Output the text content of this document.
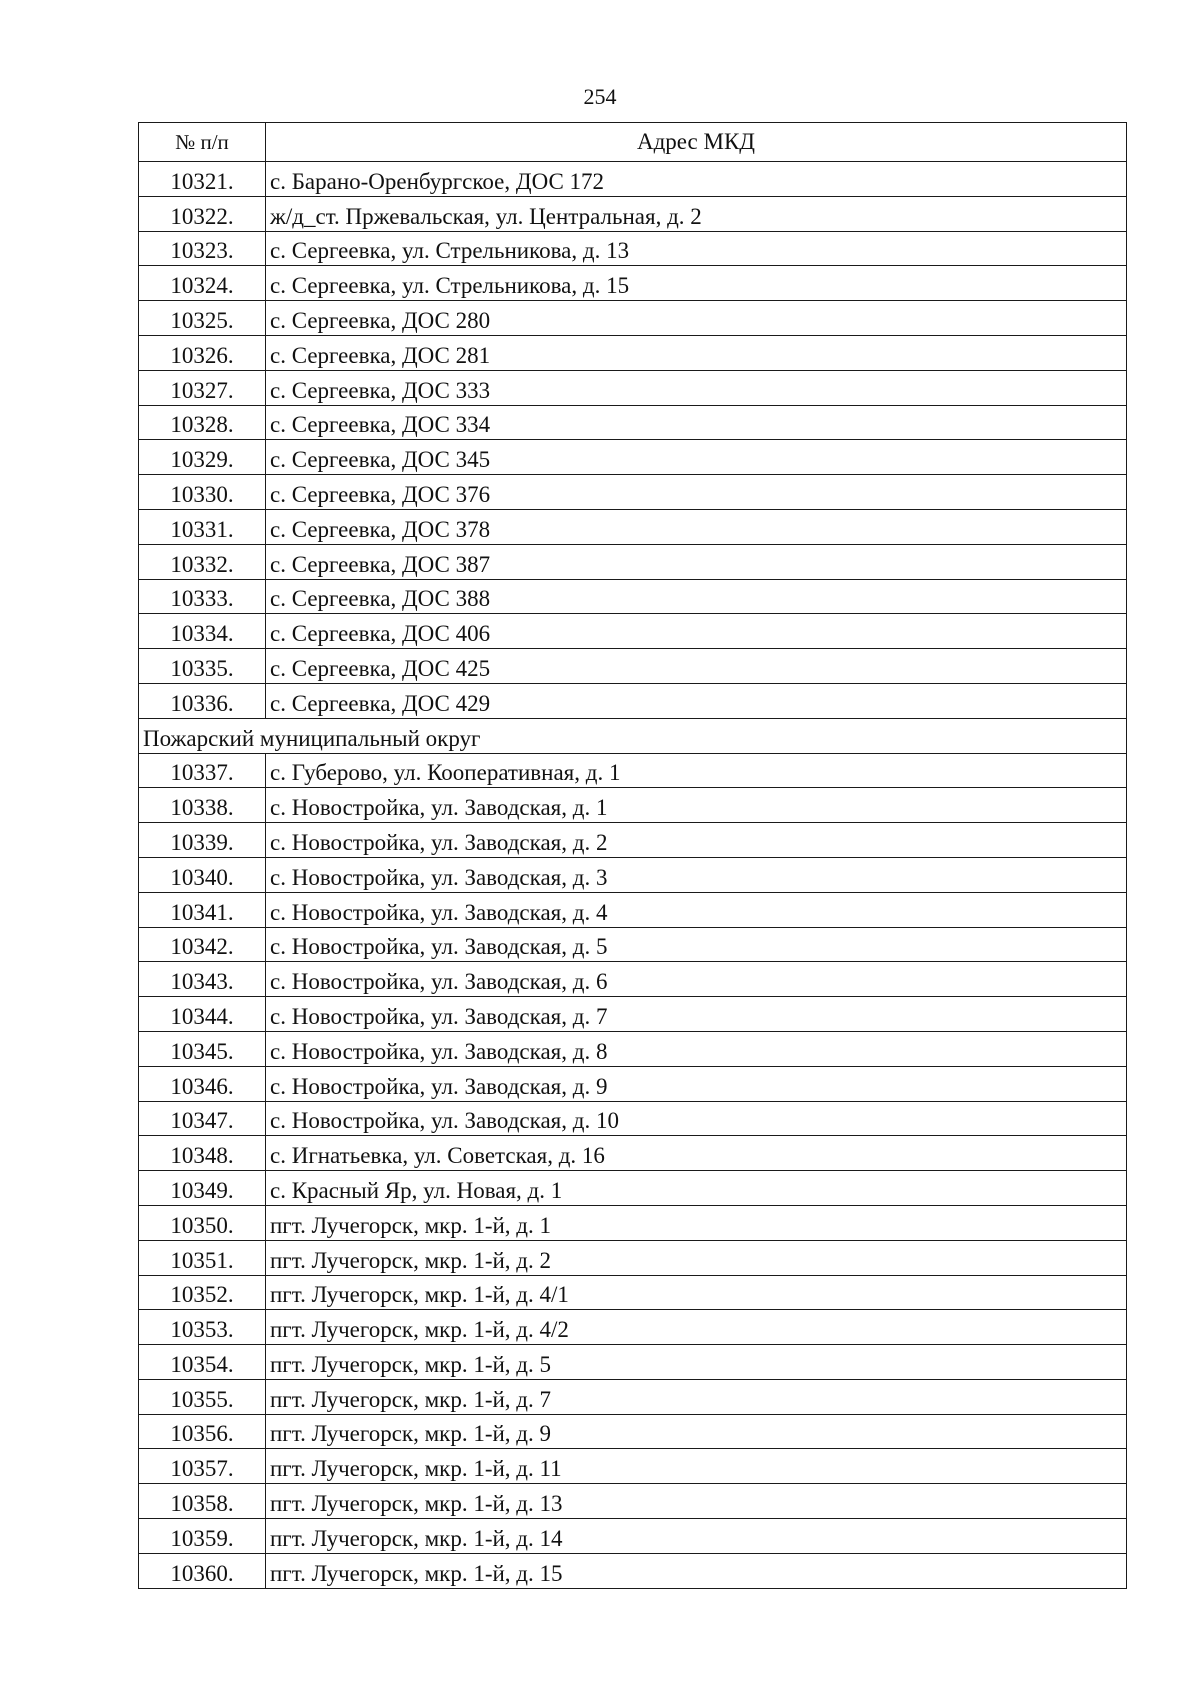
254
№ п/п	Адрес МКД
10321.	с. Барано-Оренбургское, ДОС 172
10322.	ж/д_ст. Пржевальская, ул. Центральная, д. 2
10323.	с. Сергеевка, ул. Стрельникова, д. 13
10324.	с. Сергеевка, ул. Стрельникова, д. 15
10325.	с. Сергеевка, ДОС 280
10326.	с. Сергеевка, ДОС 281
10327.	с. Сергеевка, ДОС 333
10328.	с. Сергеевка, ДОС 334
10329.	с. Сергеевка, ДОС 345
10330.	с. Сергеевка, ДОС 376
10331.	с. Сергеевка, ДОС 378
10332.	с. Сергеевка, ДОС 387
10333.	с. Сергеевка, ДОС 388
10334.	с. Сергеевка, ДОС 406
10335.	с. Сергеевка, ДОС 425
10336.	с. Сергеевка, ДОС 429
Пожарский муниципальный округ	
10337.	с. Губерово, ул. Кооперативная, д. 1
10338.	с. Новостройка, ул. Заводская, д. 1
10339.	с. Новостройка, ул. Заводская, д. 2
10340.	с. Новостройка, ул. Заводская, д. 3
10341.	с. Новостройка, ул. Заводская, д. 4
10342.	с. Новостройка, ул. Заводская, д. 5
10343.	с. Новостройка, ул. Заводская, д. 6
10344.	с. Новостройка, ул. Заводская, д. 7
10345.	с. Новостройка, ул. Заводская, д. 8
10346.	с. Новостройка, ул. Заводская, д. 9
10347.	с. Новостройка, ул. Заводская, д. 10
10348.	с. Игнатьевка, ул. Советская, д. 16
10349.	с. Красный Яр, ул. Новая, д. 1
10350.	пгт. Лучегорск, мкр. 1-й, д. 1
10351.	пгт. Лучегорск, мкр. 1-й, д. 2
10352.	пгт. Лучегорск, мкр. 1-й, д. 4/1
10353.	пгт. Лучегорск, мкр. 1-й, д. 4/2
10354.	пгт. Лучегорск, мкр. 1-й, д. 5
10355.	пгт. Лучегорск, мкр. 1-й, д. 7
10356.	пгт. Лучегорск, мкр. 1-й, д. 9
10357.	пгт. Лучегорск, мкр. 1-й, д. 11
10358.	пгт. Лучегорск, мкр. 1-й, д. 13
10359.	пгт. Лучегорск, мкр. 1-й, д. 14
10360.	пгт. Лучегорск, мкр. 1-й, д. 15
